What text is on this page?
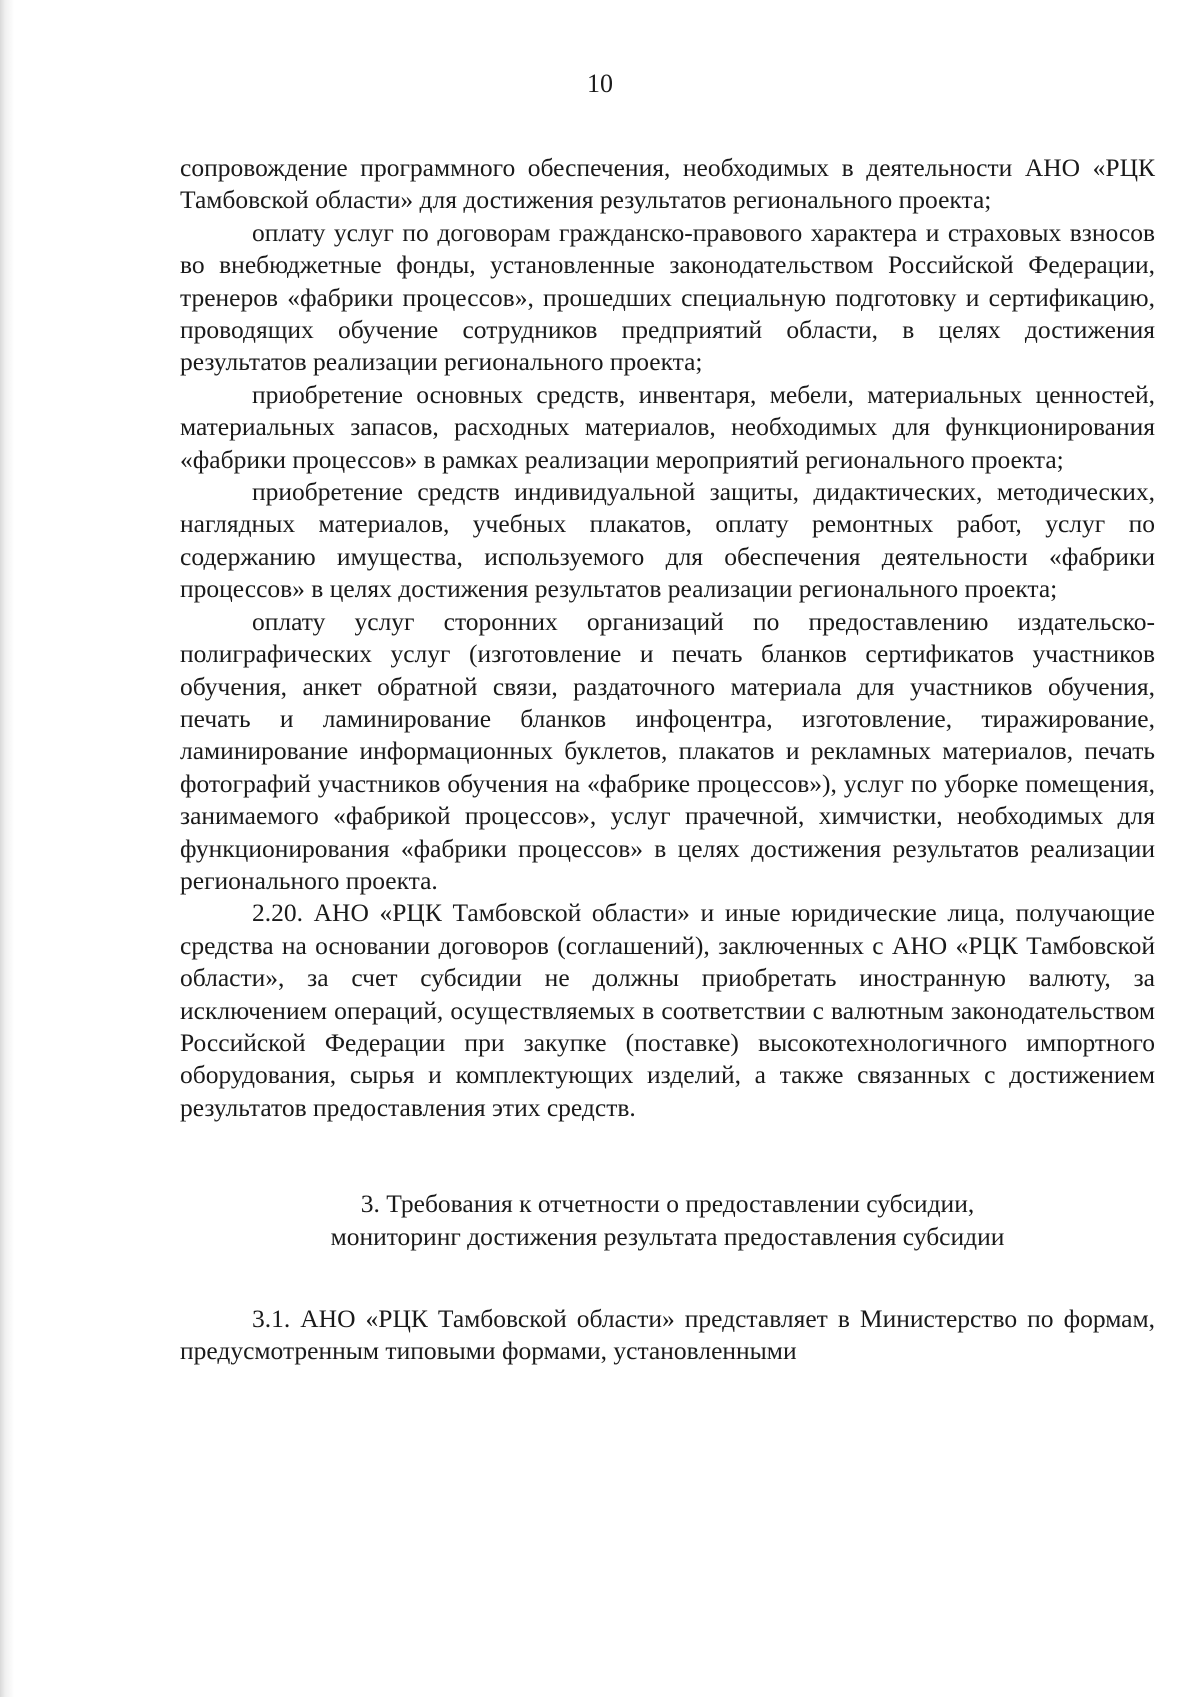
10

сопровождение программного обеспечения, необходимых в деятельности АНО «РЦК Тамбовской области» для достижения результатов регионального проекта;

оплату услуг по договорам гражданско-правового характера и страховых взносов во внебюджетные фонды, установленные законодательством Российской Федерации, тренеров «фабрики процессов», прошедших специальную подготовку и сертификацию, проводящих обучение сотрудников предприятий области, в целях достижения результатов реализации регионального проекта;

приобретение основных средств, инвентаря, мебели, материальных ценностей, материальных запасов, расходных материалов, необходимых для функционирования «фабрики процессов» в рамках реализации мероприятий регионального проекта;

приобретение средств индивидуальной защиты, дидактических, методических, наглядных материалов, учебных плакатов, оплату ремонтных работ, услуг по содержанию имущества, используемого для обеспечения деятельности «фабрики процессов» в целях достижения результатов реализации регионального проекта;

оплату услуг сторонних организаций по предоставлению издательско-полиграфических услуг (изготовление и печать бланков сертификатов участников обучения, анкет обратной связи, раздаточного материала для участников обучения, печать и ламинирование бланков инфоцентра, изготовление, тиражирование, ламинирование информационных буклетов, плакатов и рекламных материалов, печать фотографий участников обучения на «фабрике процессов»), услуг по уборке помещения, занимаемого «фабрикой процессов», услуг прачечной, химчистки, необходимых для функционирования «фабрики процессов» в целях достижения результатов реализации регионального проекта.

2.20. АНО «РЦК Тамбовской области» и иные юридические лица, получающие средства на основании договоров (соглашений), заключенных с АНО «РЦК Тамбовской области», за счет субсидии не должны приобретать иностранную валюту, за исключением операций, осуществляемых в соответствии с валютным законодательством Российской Федерации при закупке (поставке) высокотехнологичного импортного оборудования, сырья и комплектующих изделий, а также связанных с достижением результатов предоставления этих средств.

3. Требования к отчетности о предоставлении субсидии,

мониторинг достижения результата предоставления субсидии

3.1. АНО «РЦК Тамбовской области» представляет в Министерство по формам, предусмотренным типовыми формами, установленными
